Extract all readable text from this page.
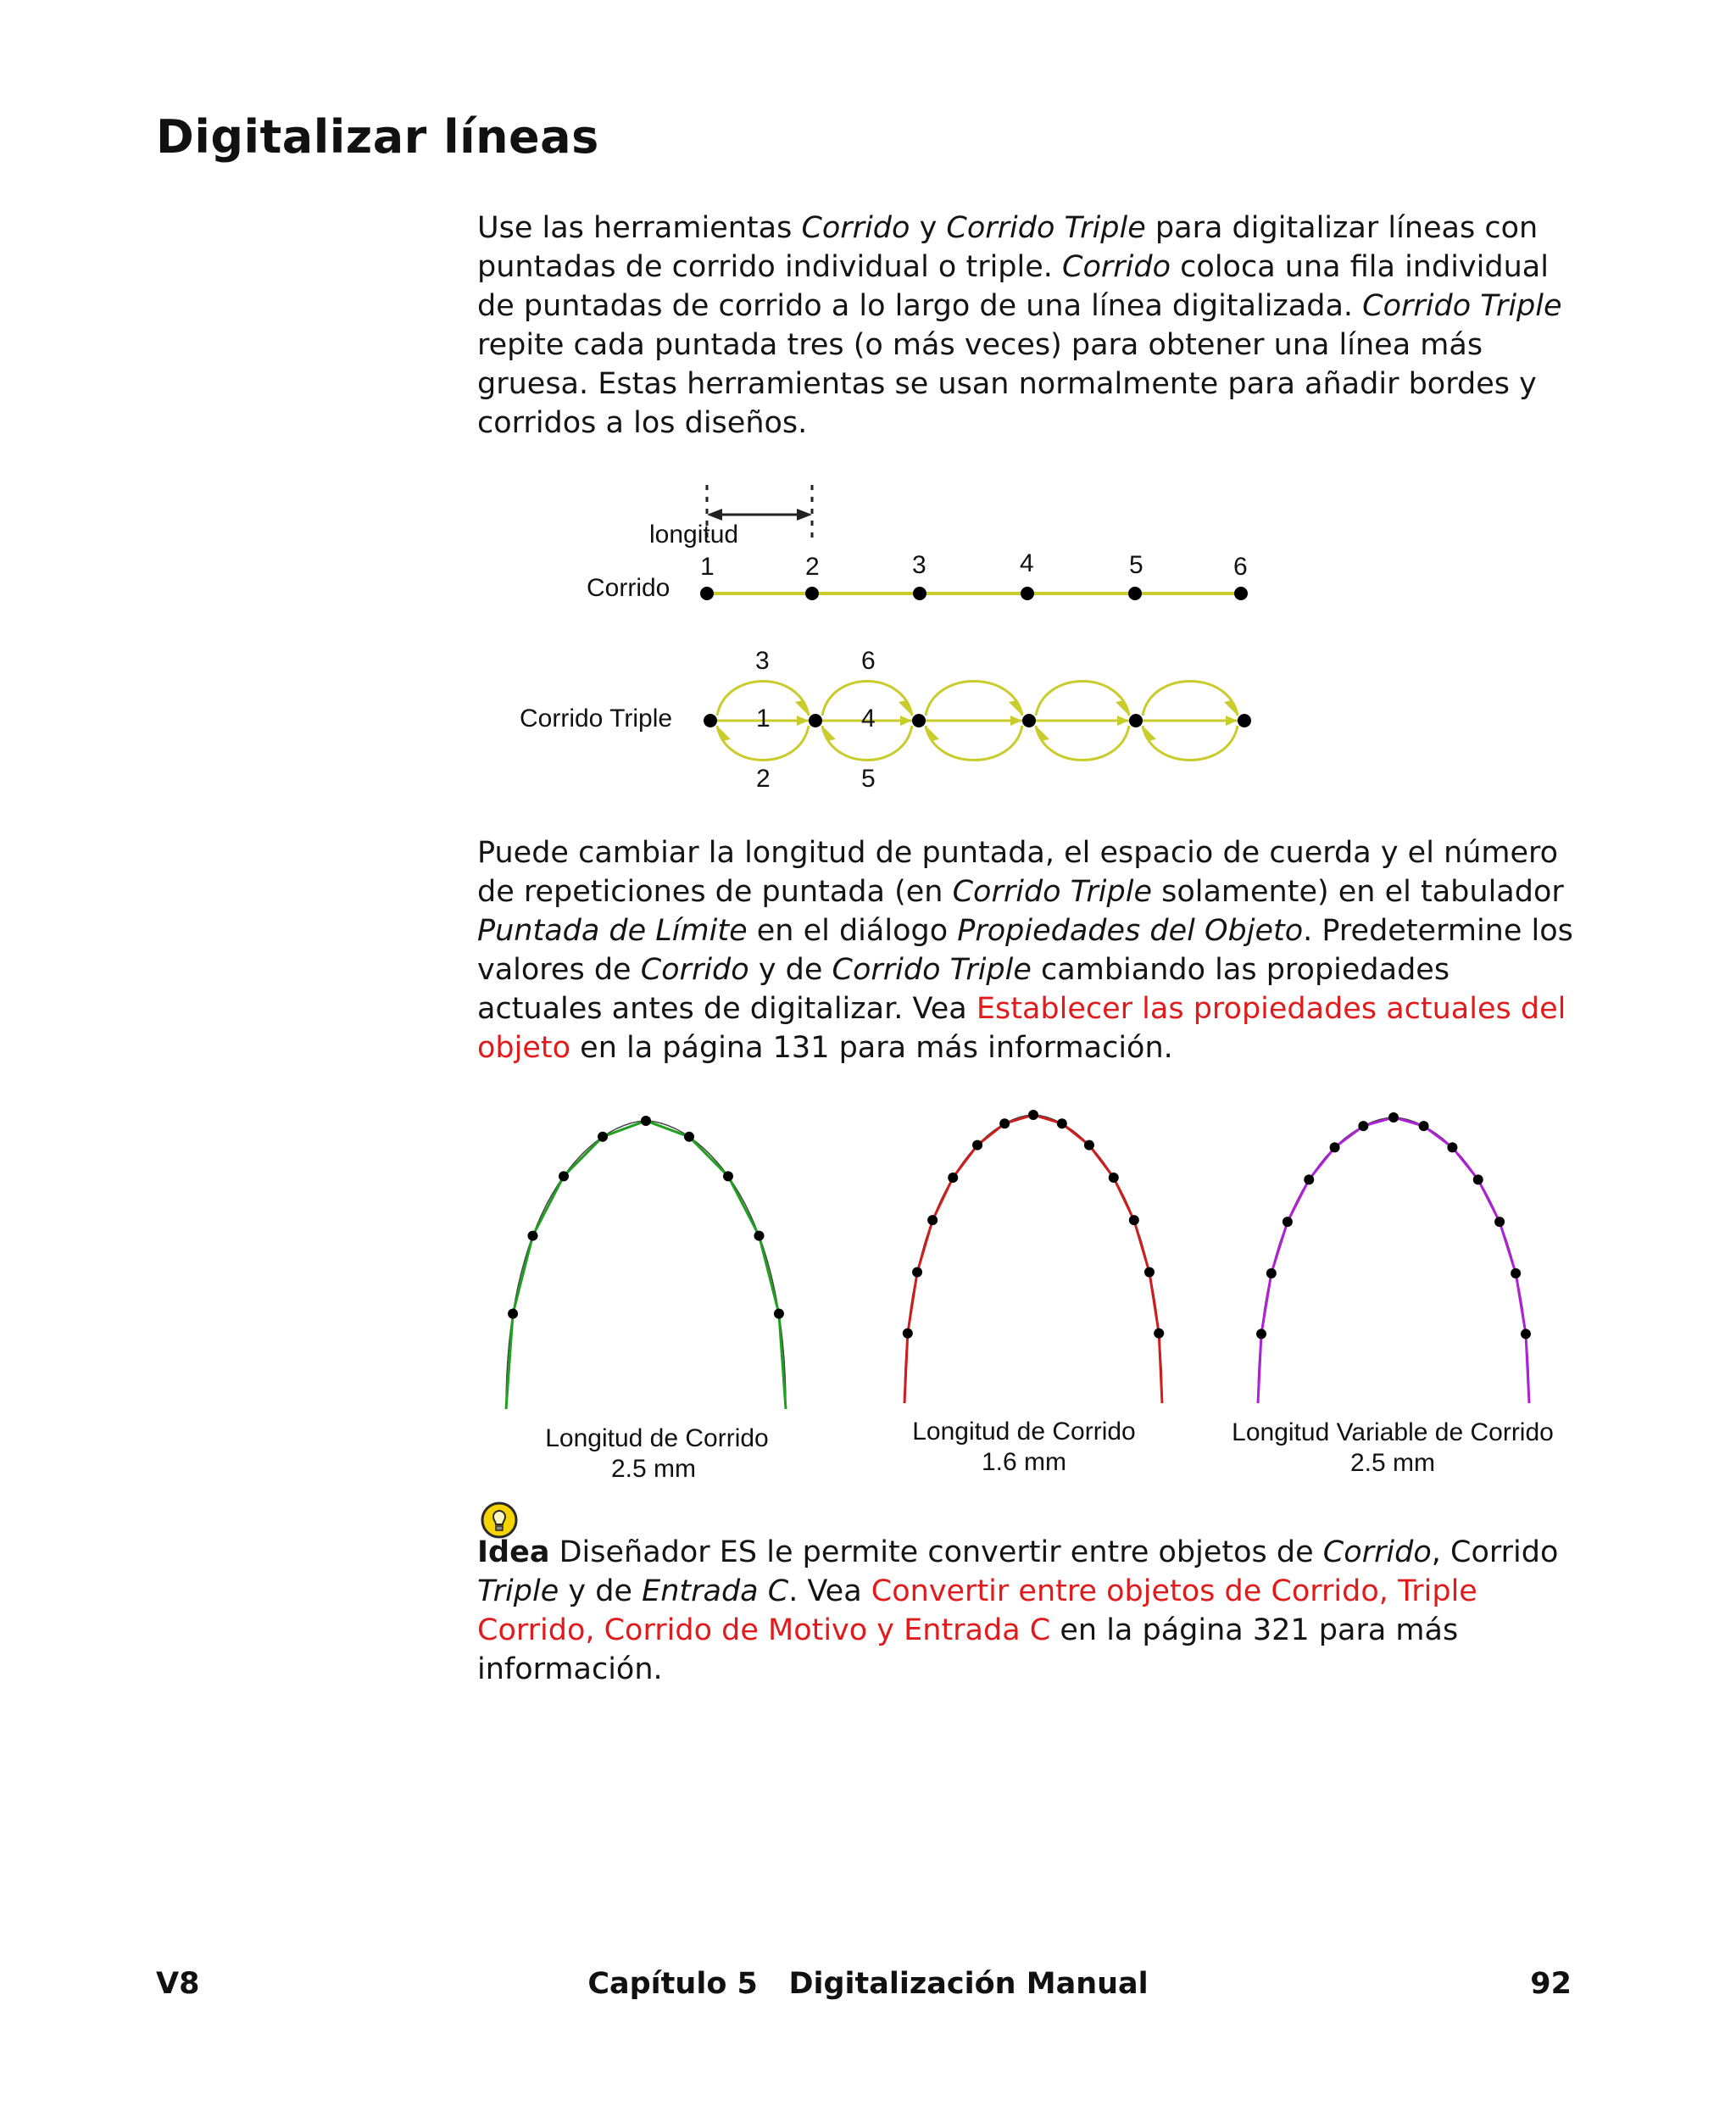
Digitalizar líneas
Use las herramientas Corrido y Corrido Triple para digitalizar líneas con puntadas de corrido individual o triple. Corrido coloca una fila individual de puntadas de corrido a lo largo de una línea digitalizada. Corrido Triple repite cada puntada tres (o más veces) para obtener una línea más gruesa. Estas herramientas se usan normalmente para añadir bordes y corridos a los diseños.
longitud
Corrido
1	2	3	4	5	6
Corrido Triple
3	6
1	4
2	5
Longitud de Corrido
2.5 mm
Longitud de Corrido
1.6 mm
Longitud Variable de Corrido
2.5 mm
Puede cambiar la longitud de puntada, el espacio de cuerda y el número de repeticiones de puntada (en Corrido Triple solamente) en el tabulador Puntada de Límite en el diálogo Propiedades del Objeto. Predetermine los valores de Corrido y de Corrido Triple cambiando las propiedades actuales antes de digitalizar. Vea Establecer las propiedades actuales del objeto en la página 131 para más información.
Idea Diseñador ES le permite convertir entre objetos de Corrido, Corrido Triple y de Entrada C. Vea Convertir entre objetos de Corrido, Triple Corrido, Corrido de Motivo y Entrada C en la página 321 para más información.
V8	Capítulo 5   Digitalización Manual	92
